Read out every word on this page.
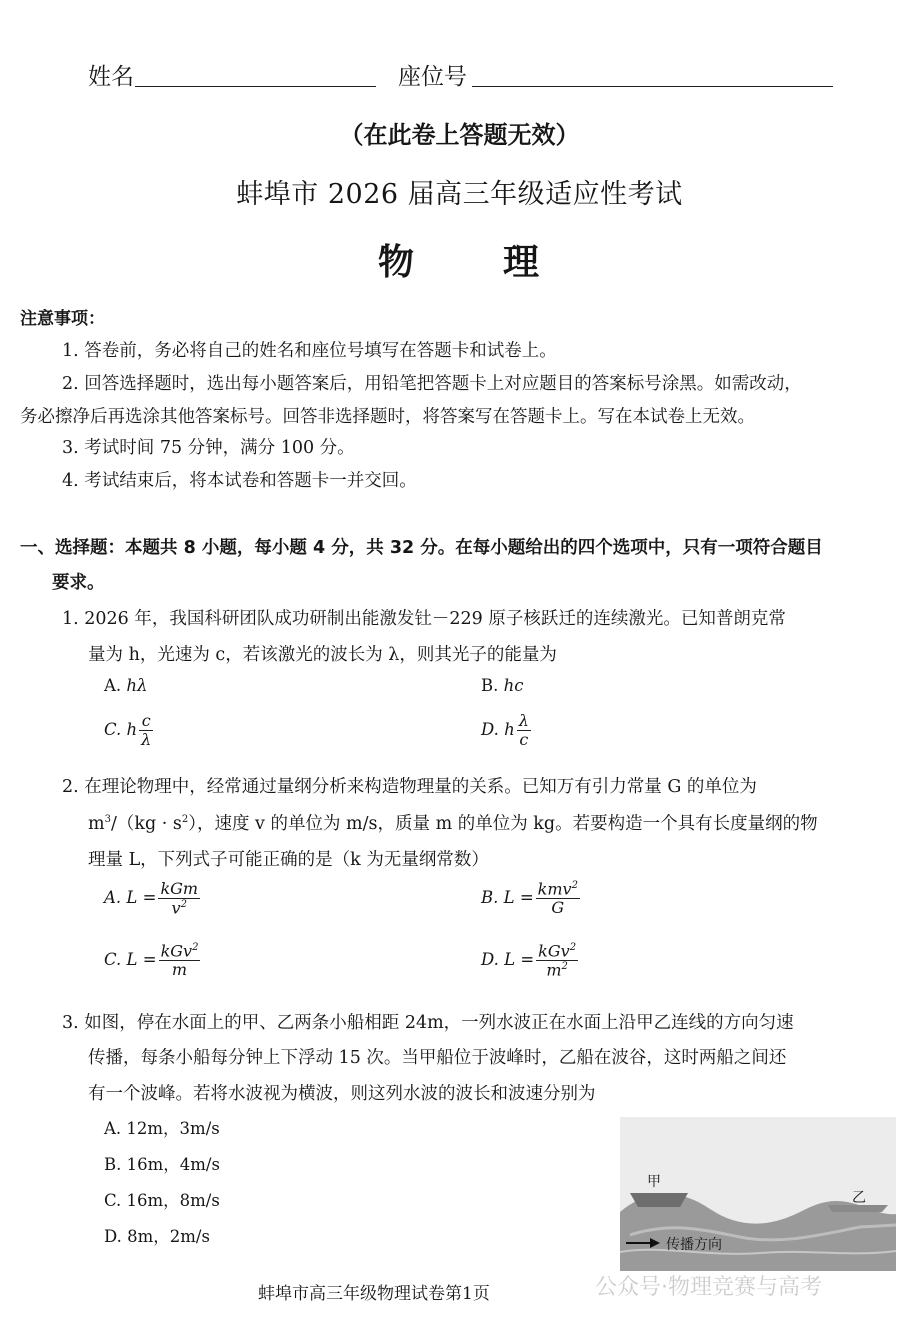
姓名	座位号
（在此卷上答题无效）
蚌埠市 2026 届高三年级适应性考试
物 理
注意事项：
1. 答卷前，务必将自己的姓名和座位号填写在答题卡和试卷上。
2. 回答选择题时，选出每小题答案后，用铅笔把答题卡上对应题目的答案标号涂黑。如需改动，
务必擦净后再选涂其他答案标号。回答非选择题时，将答案写在答题卡上。写在本试卷上无效。
3. 考试时间 75 分钟，满分 100 分。
4. 考试结束后，将本试卷和答题卡一并交回。
一、选择题：本题共 8 小题，每小题 4 分，共 32 分。在每小题给出的四个选项中，只有一项符合题目
要求。
1. 2026 年，我国科研团队成功研制出能激发钍－229 原子核跃迁的连续激光。已知普朗克常
量为 h，光速为 c，若该激光的波长为 λ，则其光子的能量为
A. hλ	B. hc
C. h $\frac{c}{\lambda}$	D. h $\frac{\lambda}{c}$
2. 在理论物理中，经常通过量纲分析来构造物理量的关系。已知万有引力常量 G 的单位为
$m^3/(kg \cdot s^2)$，速度 v 的单位为 m/s，质量 m 的单位为 kg。若要构造一个具有长度量纲的物
理量 L，下列式子可能正确的是（k 为无量纲常数）
A. $L = \frac{\text{kGm}}{v^2}$	B. $L = \frac{kmv^2}{G}$
C. $L = \frac{kGv^2}{m}$	D. $L = \frac{kGv^2}{m^2}$
3. 如图，停在水面上的甲、乙两条小船相距 24m，一列水波正在水面上沿甲乙连线的方向匀速
传播，每条小船每分钟上下浮动 15 次。当甲船位于波峰时，乙船在波谷，这时两船之间还
有一个波峰。若将水波视为横波，则这列水波的波长和波速分别为
A. 12m，3m/s
B. 16m，4m/s
C. 16m，8m/s
D. 8m，2m/s
甲
乙
传播方向
公众号·物理竞赛与高考
蚌埠市高三年级物理试卷第1页
